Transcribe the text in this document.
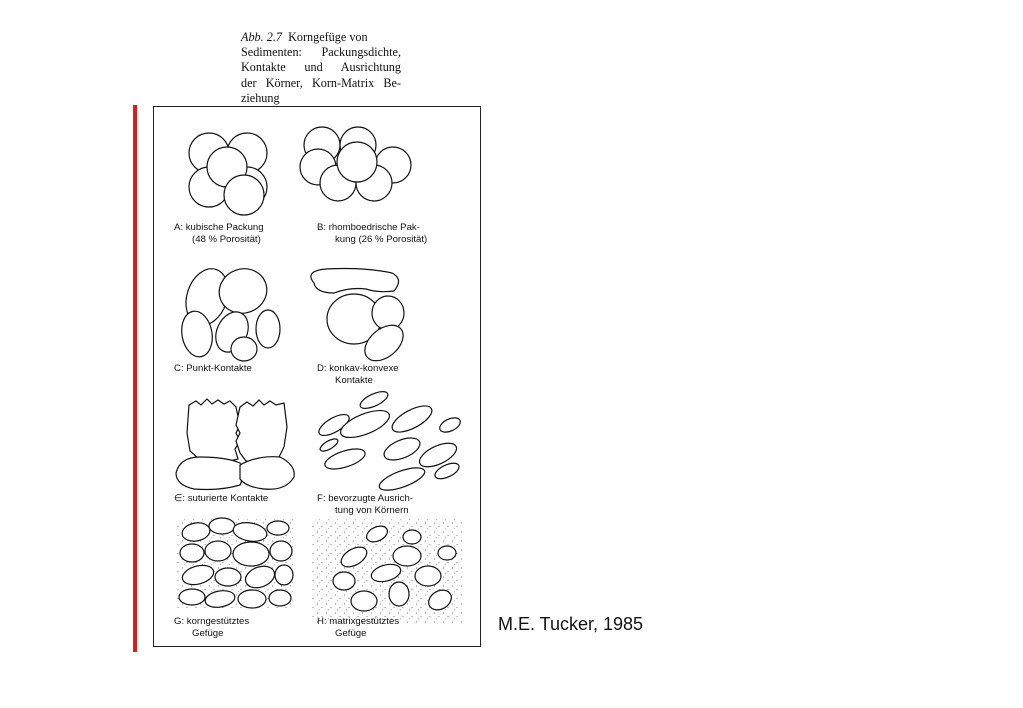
Abb. 2.7 Korngefüge von
Sedimenten: Packungsdichte,
Kontakte und Ausrichtung
der Körner, Korn-Matrix Be-
ziehung
A: kubische Packung
(48 % Porosität)
B: rhomboedrische Pak-
kung (26 % Porosität)
C: Punkt-Kontakte	D: konkav-konvexe
Kontakte
∈: suturierte Kontakte	F: bevorzugte Ausrich-
tung von Körnern
G: korngestütztes
Gefüge
H: matrixgestütztes
Gefüge	M.E. Tucker, 1985
